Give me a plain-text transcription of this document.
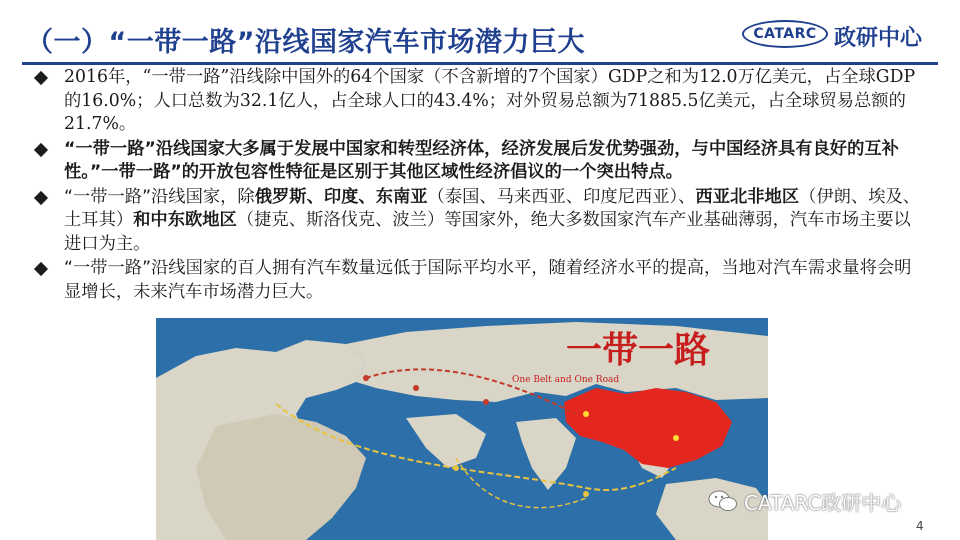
（一）“一带一路”沿线国家汽车市场潜力巨大	CATARC 政研中心
2016年，“一带一路”沿线除中国外的64个国家（不含新增的7个国家）GDP之和为12.0万亿美元，占全球GDP的16.0%；人口总数为32.1亿人，占全球人口的43.4%；对外贸易总额为71885.5亿美元，占全球贸易总额的21.7%。
“一带一路”沿线国家大多属于发展中国家和转型经济体，经济发展后发优势强劲，与中国经济具有良好的互补性。”一带一路”的开放包容性特征是区别于其他区域性经济倡议的一个突出特点。
“一带一路”沿线国家，除俄罗斯、印度、东南亚（泰国、马来西亚、印度尼西亚）、西亚北非地区（伊朗、埃及、土耳其）和中东欧地区（捷克、斯洛伐克、波兰）等国家外，绝大多数国家汽车产业基础薄弱，汽车市场主要以进口为主。
“一带一路”沿线国家的百人拥有汽车数量远低于国际平均水平，随着经济水平的提高，当地对汽车需求量将会明显增长，未来汽车市场潜力巨大。
一带一路
One Belt and One Road
CATARC政研中心
4
